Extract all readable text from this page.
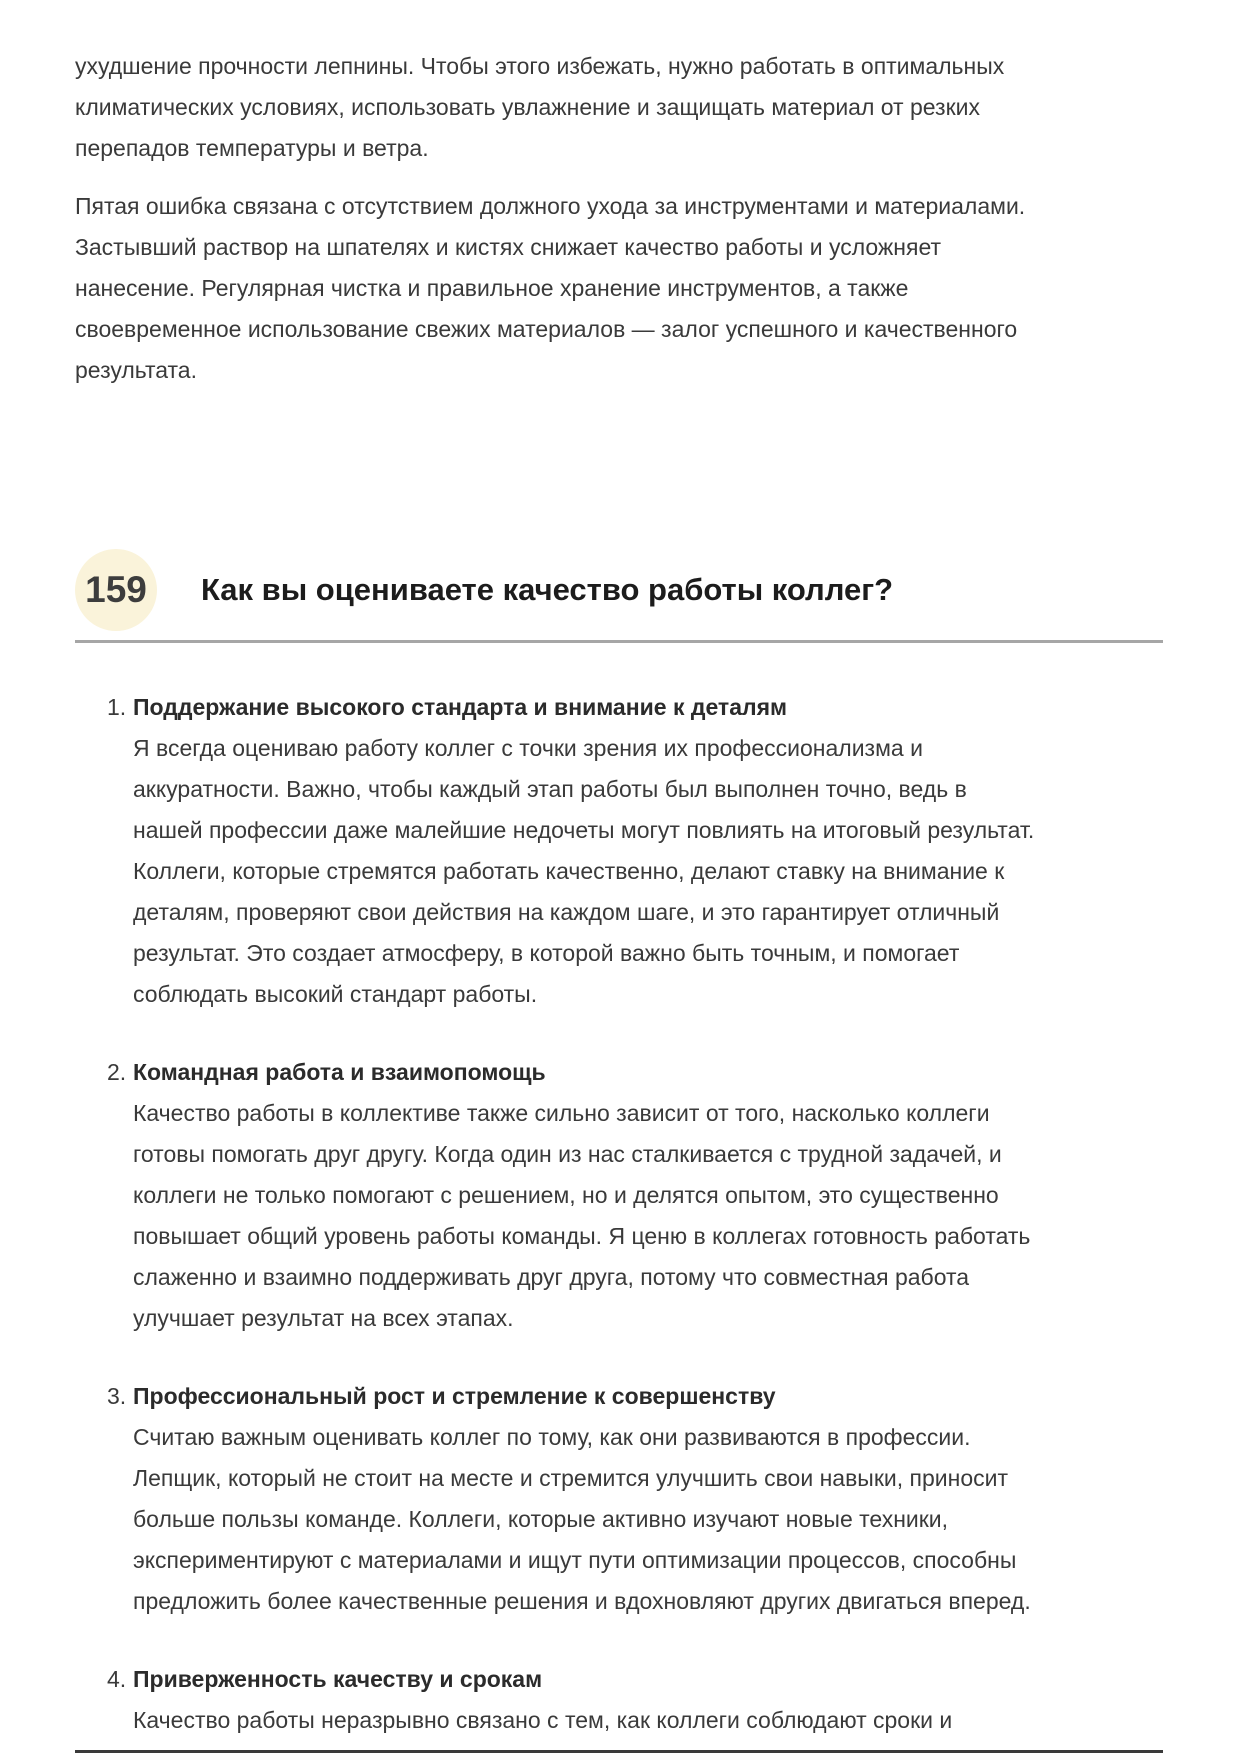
ухудшение прочности лепнины. Чтобы этого избежать, нужно работать в оптимальных климатических условиях, использовать увлажнение и защищать материал от резких перепадов температуры и ветра.

Пятая ошибка связана с отсутствием должного ухода за инструментами и материалами. Застывший раствор на шпателях и кистях снижает качество работы и усложняет нанесение. Регулярная чистка и правильное хранение инструментов, а также своевременное использование свежих материалов — залог успешного и качественного результата.

159	Как вы оцениваете качество работы коллег?
1. Поддержание высокого стандарта и внимание к деталям
Я всегда оцениваю работу коллег с точки зрения их профессионализма и аккуратности. Важно, чтобы каждый этап работы был выполнен точно, ведь в нашей профессии даже малейшие недочеты могут повлиять на итоговый результат. Коллеги, которые стремятся работать качественно, делают ставку на внимание к деталям, проверяют свои действия на каждом шаге, и это гарантирует отличный результат. Это создает атмосферу, в которой важно быть точным, и помогает соблюдать высокий стандарт работы.
2. Командная работа и взаимопомощь
Качество работы в коллективе также сильно зависит от того, насколько коллеги готовы помогать друг другу. Когда один из нас сталкивается с трудной задачей, и коллеги не только помогают с решением, но и делятся опытом, это существенно повышает общий уровень работы команды. Я ценю в коллегах готовность работать слаженно и взаимно поддерживать друг друга, потому что совместная работа улучшает результат на всех этапах.
3. Профессиональный рост и стремление к совершенству
Считаю важным оценивать коллег по тому, как они развиваются в профессии. Лепщик, который не стоит на месте и стремится улучшить свои навыки, приносит больше пользы команде. Коллеги, которые активно изучают новые техники, экспериментируют с материалами и ищут пути оптимизации процессов, способны предложить более качественные решения и вдохновляют других двигаться вперед.
4. Приверженность качеству и срокам
Качество работы неразрывно связано с тем, как коллеги соблюдают сроки и
